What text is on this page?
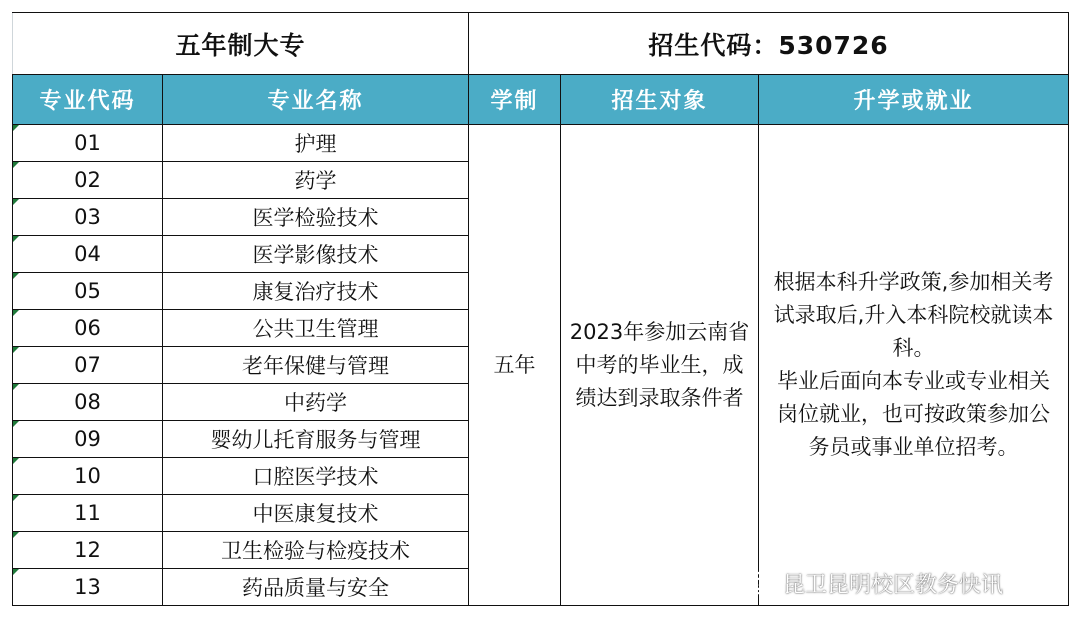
五年制大专		招生代码：530726		
专业代码	专业名称	学制	招生对象	升学或就业

01	护理	五年	2023年参加云南省中考的毕业生，成绩达到录取条件者	根据本科升学政策,参加相关考试录取后,升入本科院校就读本科。
毕业后面向本专业或专业相关岗位就业，也可按政策参加公务员或事业单位招考。

02	药学			

03	医学检验技术			

04	医学影像技术			

05	康复治疗技术			

06	公共卫生管理			

07	老年保健与管理			

08	中药学			

09	婴幼儿托育服务与管理			

10	口腔医学技术			

11	中医康复技术			

12	卫生检验与检疫技术			

13	药品质量与安全				昆卫昆明校区教务快讯
